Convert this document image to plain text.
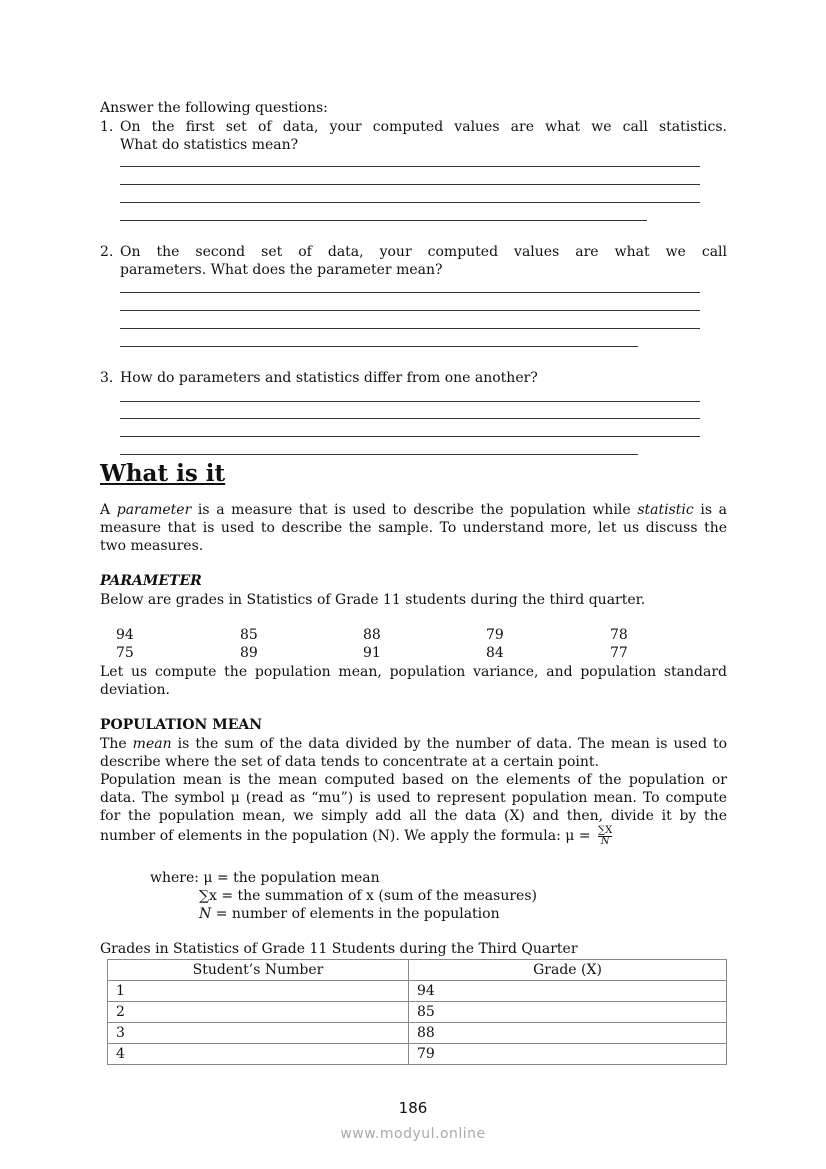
Answer the following questions:
1. On the first set of data, your computed values are what we call statistics.
What do statistics mean?
2. On the second set of data, your computed values are what we call
parameters. What does the parameter mean?
3. How do parameters and statistics differ from one another?
What is it
A parameter is a measure that is used to describe the population while statistic is a
measure that is used to describe the sample. To understand more, let us discuss the
two measures.
PARAMETER
Below are grades in Statistics of Grade 11 students during the third quarter.
94	85	88	79	78
75	89	91	84	77
Let us compute the population mean, population variance, and population standard
deviation.
POPULATION MEAN
The mean is the sum of the data divided by the number of data. The mean is used to
describe where the set of data tends to concentrate at a certain point.
Population mean is the mean computed based on the elements of the population or
data. The symbol μ (read as “mu”) is used to represent population mean. To compute
for the population mean, we simply add all the data (X) and then, divide it by the
number of elements in the population (N). We apply the formula: $\mu = \frac{\sum X}{N}$
where: μ = the population mean
∑x = the summation of x (sum of the measures)
N = number of elements in the population
Grades in Statistics of Grade 11 Students during the Third Quarter
Student’s Number	Grade (X)
1	94
2	85
3	88
4	79
186
www.modyul.online
